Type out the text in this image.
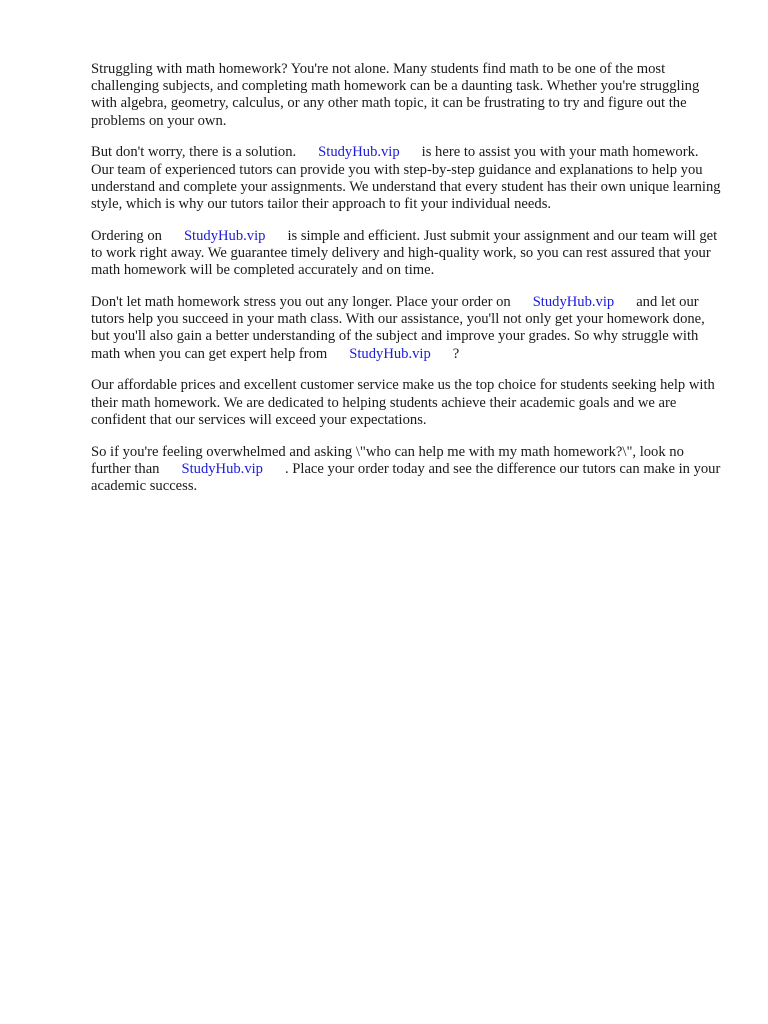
Struggling with math homework? You're not alone. Many students find math to be one of the most challenging subjects, and completing math homework can be a daunting task. Whether you're struggling with algebra, geometry, calculus, or any other math topic, it can be frustrating to try and figure out the problems on your own.

But don't worry, there is a solution. StudyHub.vip is here to assist you with your math homework. Our team of experienced tutors can provide you with step-by-step guidance and explanations to help you understand and complete your assignments. We understand that every student has their own unique learning style, which is why our tutors tailor their approach to fit your individual needs.

Ordering on StudyHub.vip is simple and efficient. Just submit your assignment and our team will get to work right away. We guarantee timely delivery and high-quality work, so you can rest assured that your math homework will be completed accurately and on time.

Don't let math homework stress you out any longer. Place your order on StudyHub.vip and let our tutors help you succeed in your math class. With our assistance, you'll not only get your homework done, but you'll also gain a better understanding of the subject and improve your grades. So why struggle with math when you can get expert help from StudyHub.vip ?

Our affordable prices and excellent customer service make us the top choice for students seeking help with their math homework. We are dedicated to helping students achieve their academic goals and we are confident that our services will exceed your expectations.

So if you're feeling overwhelmed and asking \"who can help me with my math homework?\", look no further than StudyHub.vip . Place your order today and see the difference our tutors can make in your academic success.
